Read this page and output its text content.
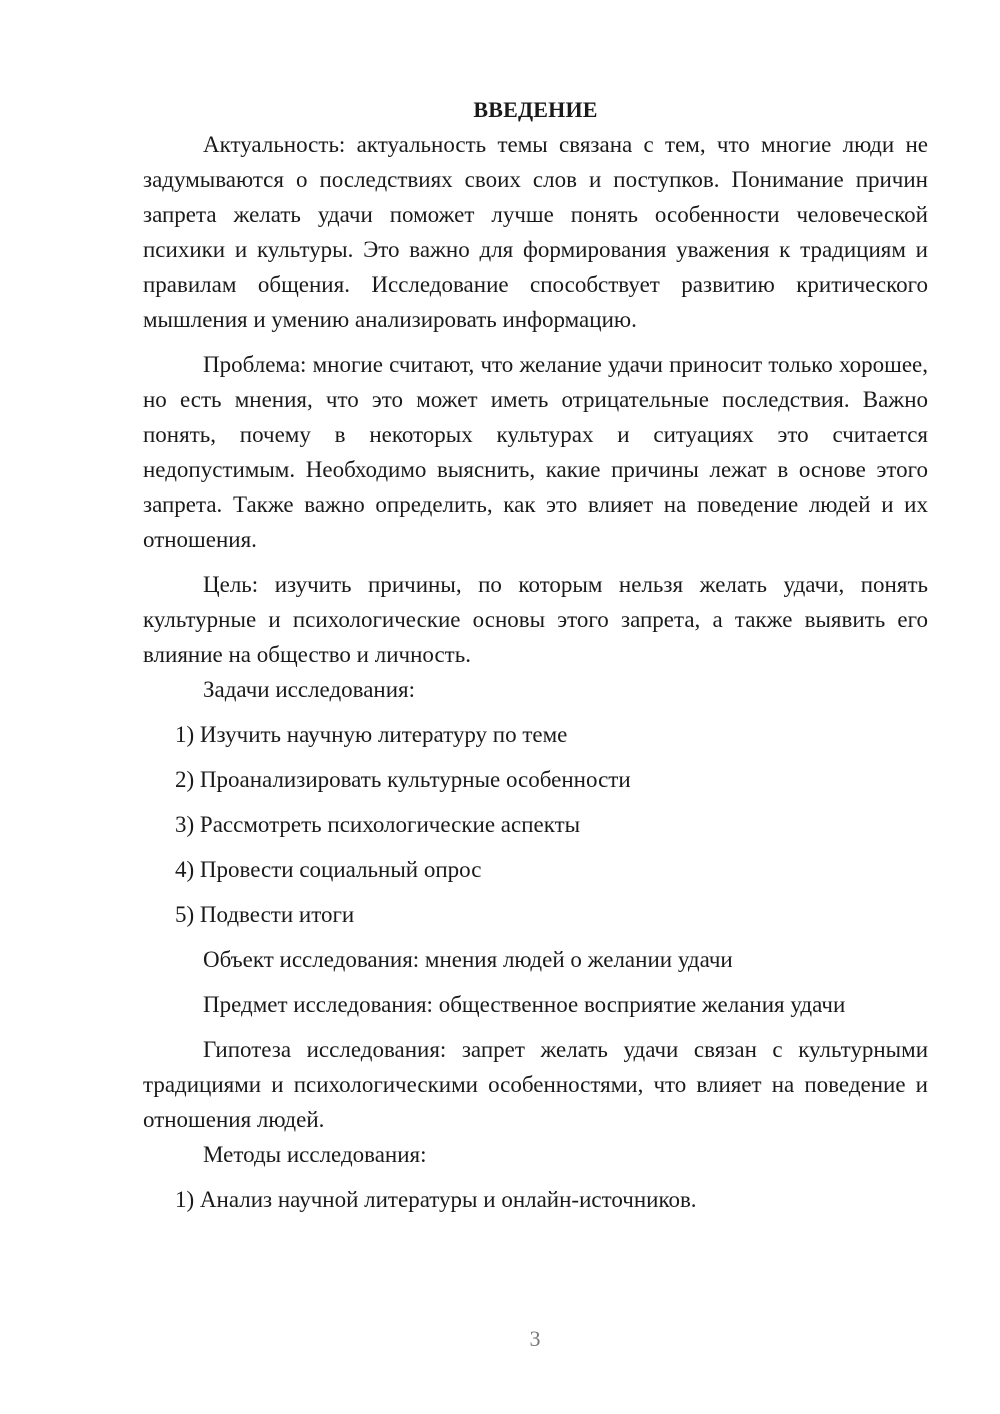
ВВЕДЕНИЕ

Актуальность: актуальность темы связана с тем, что многие люди не задумываются о последствиях своих слов и поступков. Понимание причин запрета желать удачи поможет лучше понять особенности человеческой психики и культуры. Это важно для формирования уважения к традициям и правилам общения. Исследование способствует развитию критического мышления и умению анализировать информацию.

Проблема: многие считают, что желание удачи приносит только хорошее, но есть мнения, что это может иметь отрицательные последствия. Важно понять, почему в некоторых культурах и ситуациях это считается недопустимым. Необходимо выяснить, какие причины лежат в основе этого запрета. Также важно определить, как это влияет на поведение людей и их отношения.

Цель: изучить причины, по которым нельзя желать удачи, понять культурные и психологические основы этого запрета, а также выявить его влияние на общество и личность.

Задачи исследования:

1) Изучить научную литературу по теме

2) Проанализировать культурные особенности

3) Рассмотреть психологические аспекты

4) Провести социальный опрос

5) Подвести итоги

Объект исследования: мнения людей о желании удачи

Предмет исследования: общественное восприятие желания удачи

Гипотеза исследования: запрет желать удачи связан с культурными традициями и психологическими особенностями, что влияет на поведение и отношения людей.

Методы исследования:

1) Анализ научной литературы и онлайн-источников.

3
